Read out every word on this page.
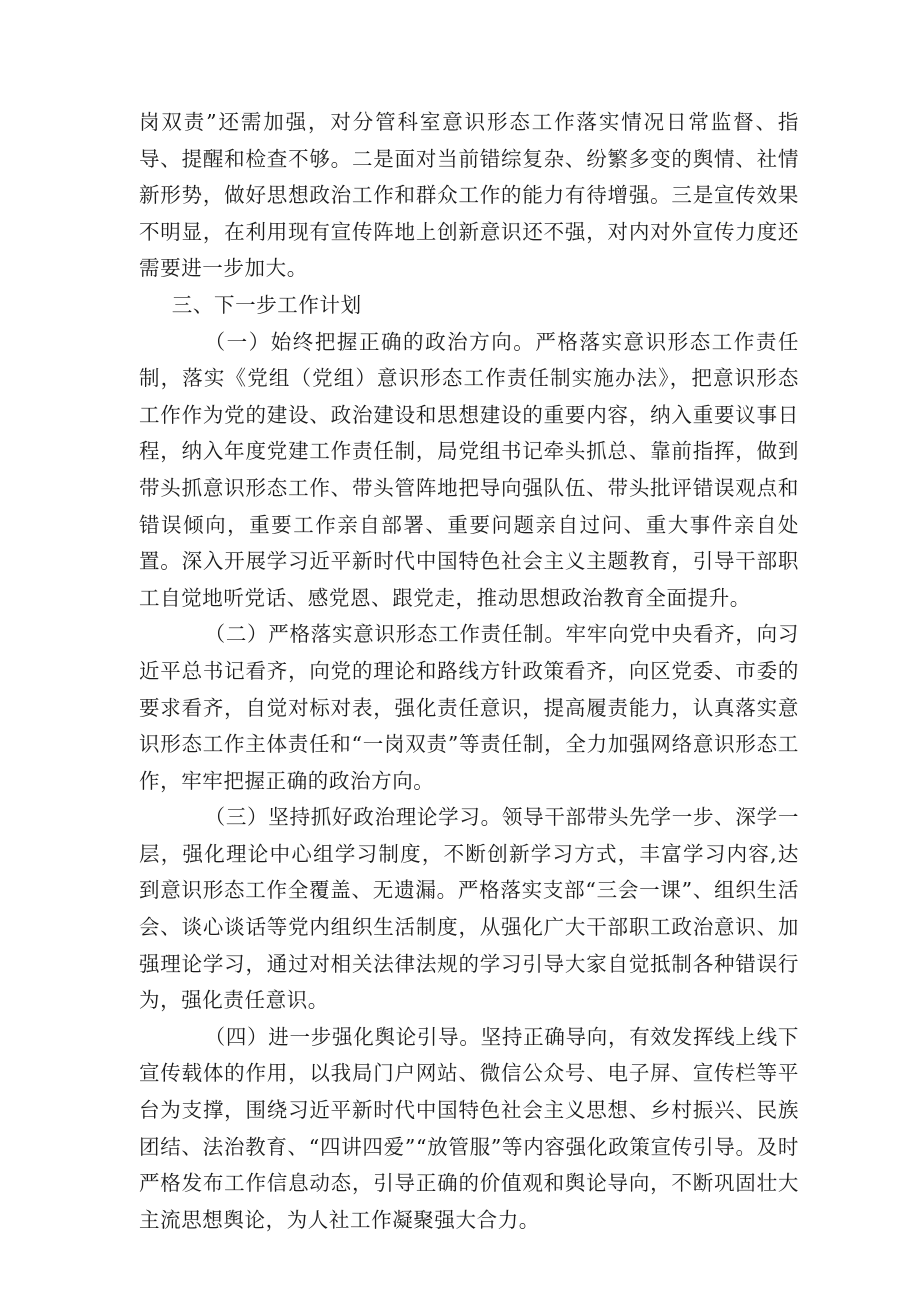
岗双责”还需加强，对分管科室意识形态工作落实情况日常监督、指导、提醒和检查不够。二是面对当前错综复杂、纷繁多变的舆情、社情新形势，做好思想政治工作和群众工作的能力有待增强。三是宣传效果不明显，在利用现有宣传阵地上创新意识还不强，对内对外宣传力度还需要进一步加大。

三、下一步工作计划

（一）始终把握正确的政治方向。严格落实意识形态工作责任制，落实《党组（党组）意识形态工作责任制实施办法》，把意识形态工作作为党的建设、政治建设和思想建设的重要内容，纳入重要议事日程，纳入年度党建工作责任制，局党组书记牵头抓总、靠前指挥，做到带头抓意识形态工作、带头管阵地把导向强队伍、带头批评错误观点和错误倾向，重要工作亲自部署、重要问题亲自过问、重大事件亲自处置。深入开展学习近平新时代中国特色社会主义主题教育，引导干部职工自觉地听党话、感党恩、跟党走，推动思想政治教育全面提升。

（二）严格落实意识形态工作责任制。牢牢向党中央看齐，向习近平总书记看齐，向党的理论和路线方针政策看齐，向区党委、市委的要求看齐，自觉对标对表，强化责任意识，提高履责能力，认真落实意识形态工作主体责任和“一岗双责”等责任制，全力加强网络意识形态工作，牢牢把握正确的政治方向。

（三）坚持抓好政治理论学习。领导干部带头先学一步、深学一层，强化理论中心组学习制度，不断创新学习方式，丰富学习内容,达到意识形态工作全覆盖、无遗漏。严格落实支部“三会一课”、组织生活会、谈心谈话等党内组织生活制度，从强化广大干部职工政治意识、加强理论学习，通过对相关法律法规的学习引导大家自觉抵制各种错误行为，强化责任意识。

（四）进一步强化舆论引导。坚持正确导向，有效发挥线上线下宣传载体的作用，以我局门户网站、微信公众号、电子屏、宣传栏等平台为支撑，围绕习近平新时代中国特色社会主义思想、乡村振兴、民族团结、法治教育、“四讲四爱”“放管服”等内容强化政策宣传引导。及时严格发布工作信息动态，引导正确的价值观和舆论导向，不断巩固壮大主流思想舆论，为人社工作凝聚强大合力。
